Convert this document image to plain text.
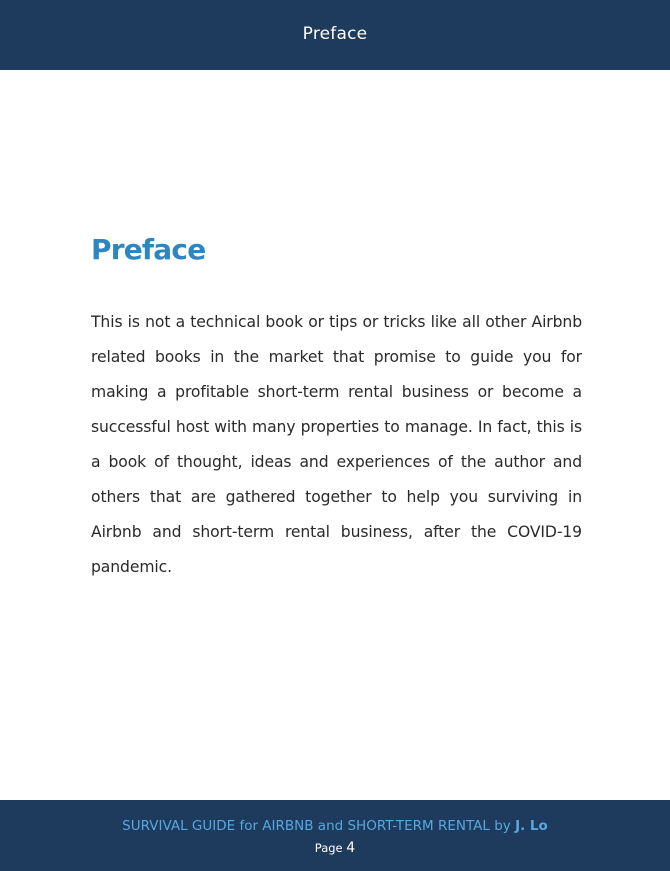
Preface
Preface

This is not a technical book or tips or tricks like all other Airbnb related books in the market that promise to guide you for making a profitable short-term rental business or become a successful host with many properties to manage. In fact, this is a book of thought, ideas and experiences of the author and others that are gathered together to help you surviving in Airbnb and short-term rental business, after the COVID-19 pandemic.

SURVIVAL GUIDE for AIRBNB and SHORT-TERM RENTAL by J. Lo
Page 4
